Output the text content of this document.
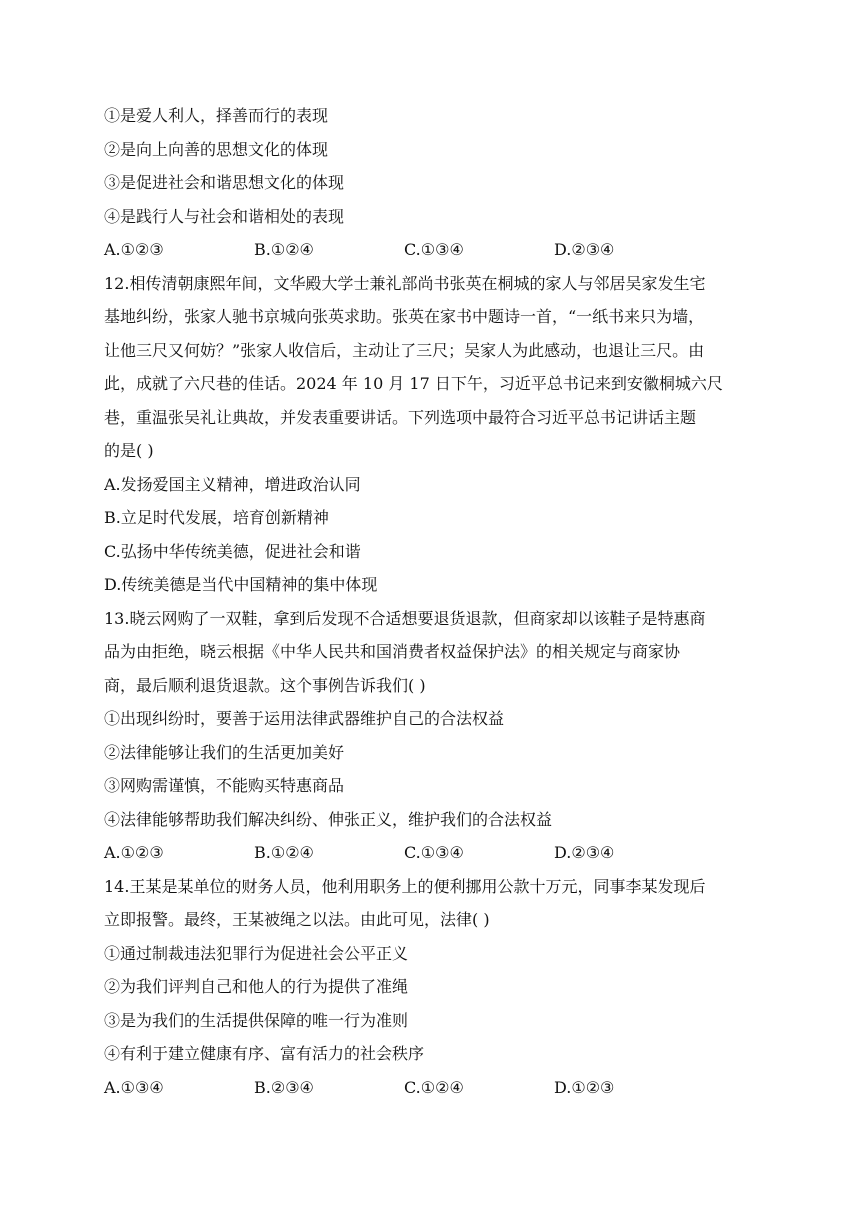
①是爱人利人，择善而行的表现
②是向上向善的思想文化的体现
③是促进社会和谐思想文化的体现
④是践行人与社会和谐相处的表现
A.①②③	B.①②④	C.①③④	D.②③④
12.相传清朝康熙年间，文华殿大学士兼礼部尚书张英在桐城的家人与邻居吴家发生宅
基地纠纷，张家人驰书京城向张英求助。张英在家书中题诗一首，“一纸书来只为墙，
让他三尺又何妨？”张家人收信后，主动让了三尺；吴家人为此感动，也退让三尺。由
此，成就了六尺巷的佳话。2024 年 10 月 17 日下午，习近平总书记来到安徽桐城六尺
巷，重温张吴礼让典故，并发表重要讲话。下列选项中最符合习近平总书记讲话主题
的是( )
A.发扬爱国主义精神，增进政治认同
B.立足时代发展，培育创新精神
C.弘扬中华传统美德，促进社会和谐
D.传统美德是当代中国精神的集中体现
13.晓云网购了一双鞋，拿到后发现不合适想要退货退款，但商家却以该鞋子是特惠商
品为由拒绝，晓云根据《中华人民共和国消费者权益保护法》的相关规定与商家协
商，最后顺利退货退款。这个事例告诉我们( )
①出现纠纷时，要善于运用法律武器维护自己的合法权益
②法律能够让我们的生活更加美好
③网购需谨慎，不能购买特惠商品
④法律能够帮助我们解决纠纷、伸张正义，维护我们的合法权益
A.①②③	B.①②④	C.①③④	D.②③④
14.王某是某单位的财务人员，他利用职务上的便利挪用公款十万元，同事李某发现后
立即报警。最终，王某被绳之以法。由此可见，法律( )
①通过制裁违法犯罪行为促进社会公平正义
②为我们评判自己和他人的行为提供了准绳
③是为我们的生活提供保障的唯一行为准则
④有利于建立健康有序、富有活力的社会秩序
A.①③④	B.②③④	C.①②④	D.①②③
